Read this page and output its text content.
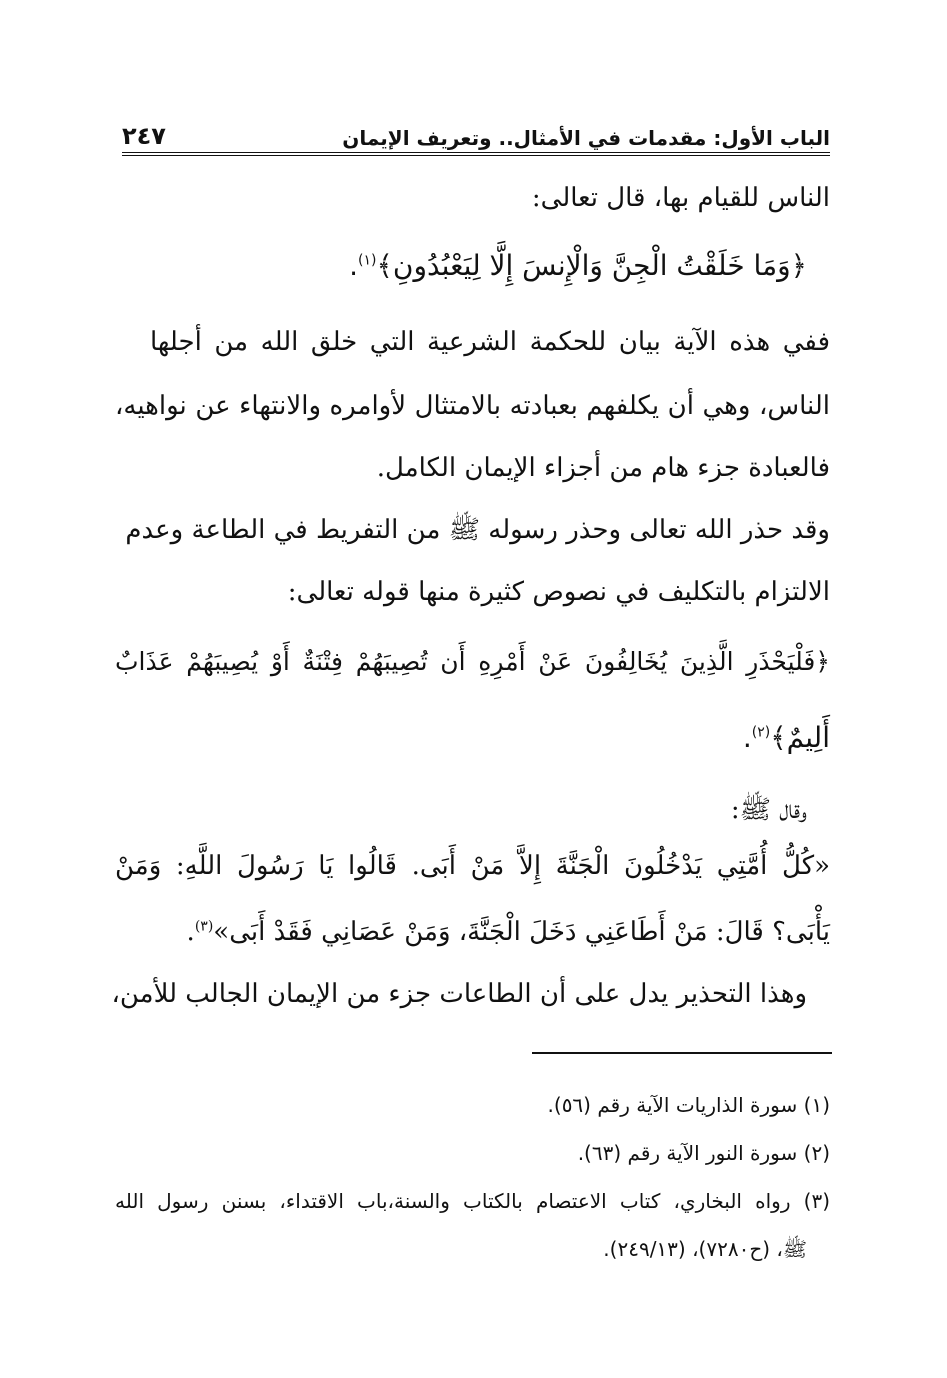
الباب الأول: مقدمات في الأمثال.. وتعريف الإيمان
٢٤٧
الناس للقيام بها، قال تعالى:
﴿وَمَا خَلَقْتُ الْجِنَّ وَالْإِنسَ إِلَّا لِيَعْبُدُونِ﴾$^{(١)}$.
ففي هذه الآية بيان للحكمة الشرعية التي خلق الله من أجلها
الناس، وهي أن يكلفهم بعبادته بالامتثال لأوامره والانتهاء عن نواهيه،
فالعبادة جزء هام من أجزاء الإيمان الكامل.
وقد حذر الله تعالى وحذر رسوله ﷺ من التفريط في الطاعة وعدم
الالتزام بالتكليف في نصوص كثيرة منها قوله تعالى:
﴿فَلْيَحْذَرِ الَّذِينَ يُخَالِفُونَ عَنْ أَمْرِهِ أَن تُصِيبَهُمْ فِتْنَةٌ أَوْ يُصِيبَهُمْ عَذَابٌ
أَلِيمٌ﴾$^{(٢)}$.
وقال ﷺ:
«كُلُّ أُمَّتِي يَدْخُلُونَ الْجَنَّةَ إِلاَّ مَنْ أَبَى. قَالُوا يَا رَسُولَ اللَّهِ: وَمَنْ
يَأْبَى؟ قَالَ: مَنْ أَطَاعَنِي دَخَلَ الْجَنَّةَ، وَمَنْ عَصَانِي فَقَدْ أَبَى»$^{(٣)}$.
وهذا التحذير يدل على أن الطاعات جزء من الإيمان الجالب للأمن،
(١) سورة الذاريات الآية رقم (٥٦).
(٢) سورة النور الآية رقم (٦٣).
(٣) رواه البخاري، كتاب الاعتصام بالكتاب والسنة،باب الاقتداء، بسنن رسول الله
ﷺ، (ح٧٢٨٠)، (٢٤٩/١٣).
